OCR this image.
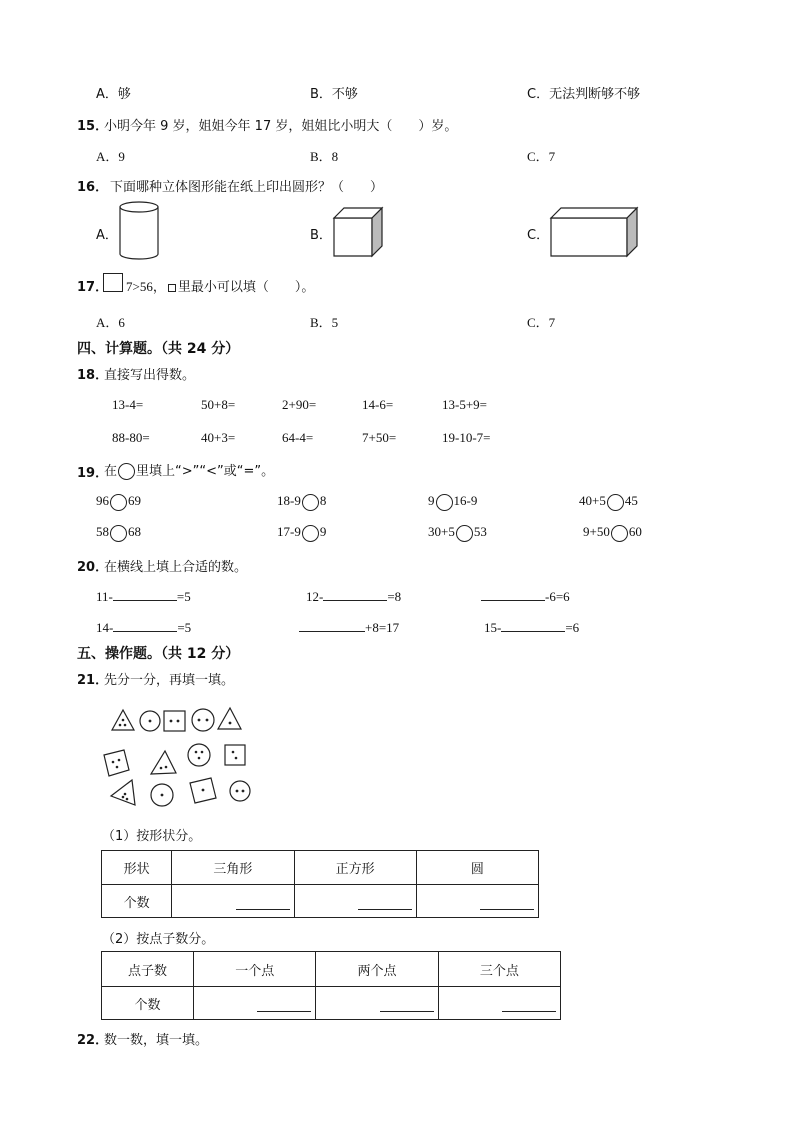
A．够	B．不够	C．无法判断够不够
15．
小明今年 9 岁，姐姐今年 17 岁，姐姐比小明大（　　）岁。
A．9	B．8	C．7
16． 下面哪种立体图形能在纸上印出圆形？（　　）
A．	B．	C．
17． 7>56， 里最小可以填（　　）。
A．6	B．5	C．7
四、计算题。（共 24 分）
18．
直接写出得数。
13-4=	50+8=	2+90=	14-6=	13-5+9=
88-80=	40+3=	64-4=	7+50=	19-10-7=
19．
在 里填上“>”“<”或“=”。
96 69	18-9 8	9 16-9	40+5 45
58 68	17-9 9	30+5 53	9+50 60
20．
在横线上填上合适的数。
11-	=5	12-	=8	-6=6
14-	=5	+8=17	15-	=6
五、操作题。（共 12 分）
21．
先分一分，再填一填。
（1）按形状分。
形状	三角形	正方形	圆
个数	

（2）按点子数分。
点子数	一个点	两个点	三个点
个数	

22．
数一数，填一填。
